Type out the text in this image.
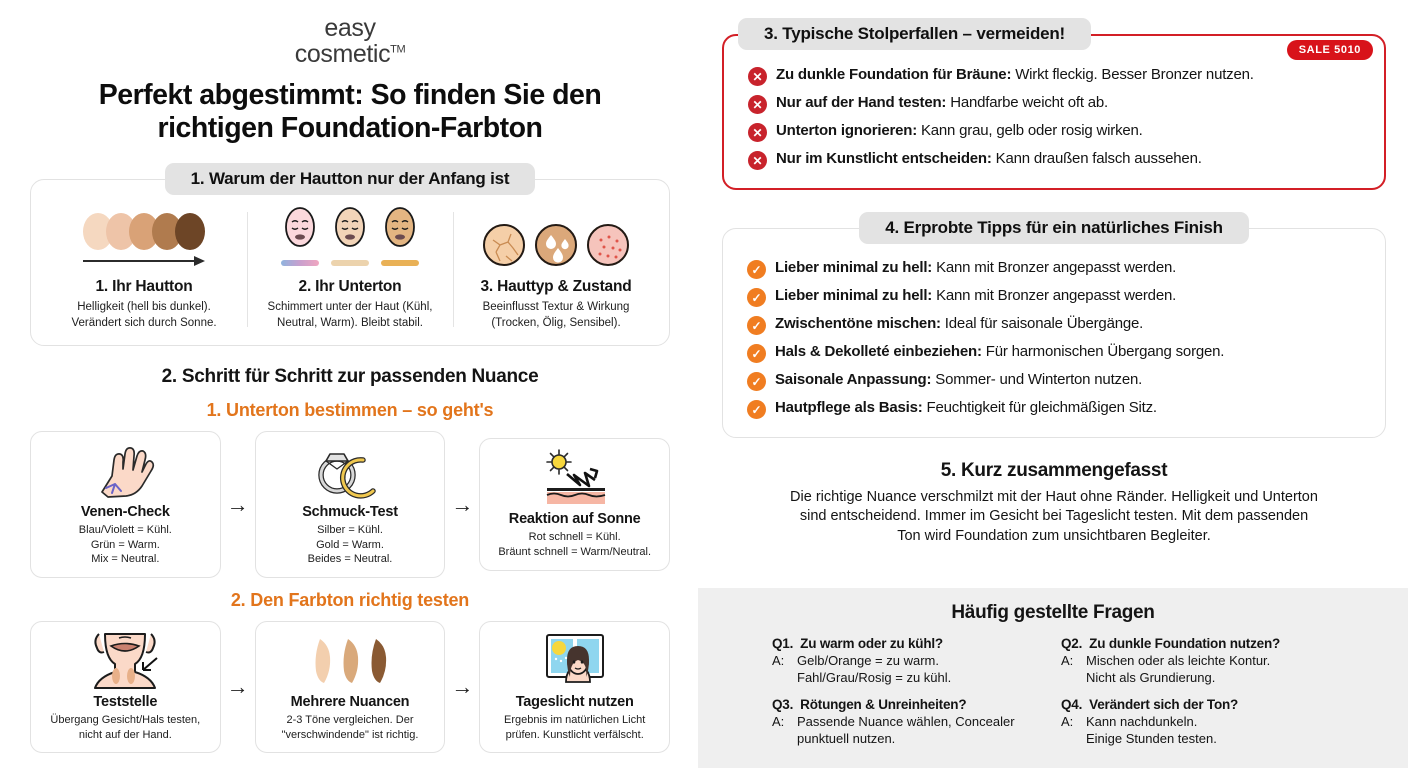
easy
cosmetic™
Perfekt abgestimmt: So finden Sie den
richtigen Foundation-Farbton
1. Warum der Hautton nur der Anfang ist
1. Ihr Hautton
Helligkeit (hell bis dunkel).
Verändert sich durch Sonne.
2. Ihr Unterton
Schimmert unter der Haut (Kühl,
Neutral, Warm). Bleibt stabil.
3. Hauttyp & Zustand
Beeinflusst Textur & Wirkung
(Trocken, Ölig, Sensibel).
2. Schritt für Schritt zur passenden Nuance
1. Unterton bestimmen – so geht's
Venen-Check
Blau/Violett = Kühl.
Grün = Warm.
Mix = Neutral.
→	Schmuck-Test
Silber = Kühl.
Gold = Warm.
Beides = Neutral.
→
Reaktion auf Sonne
Rot schnell = Kühl.
Bräunt schnell = Warm/Neutral.
2. Den Farbton richtig testen
Teststelle
Übergang Gesicht/Hals testen,
nicht auf der Hand.
→
Mehrere Nuancen
2-3 Töne vergleichen. Der
"verschwindende" ist richtig.
→
Tageslicht nutzen
Ergebnis im natürlichen Licht
prüfen. Kunstlicht verfälscht.
SALE 5010
3. Typische Stolperfallen – vermeiden!
✕ Zu dunkle Foundation für Bräune: Wirkt fleckig. Besser Bronzer nutzen.
✕ Nur auf der Hand testen: Handfarbe weicht oft ab.
✕ Unterton ignorieren: Kann grau, gelb oder rosig wirken.
✕ Nur im Kunstlicht entscheiden: Kann draußen falsch aussehen.
4. Erprobte Tipps für ein natürliches Finish
✓ Lieber minimal zu hell: Kann mit Bronzer angepasst werden.
✓ Lieber minimal zu hell: Kann mit Bronzer angepasst werden.
✓ Zwischentöne mischen: Ideal für saisonale Übergänge.
✓ Hals & Dekolleté einbeziehen: Für harmonischen Übergang sorgen.
✓ Saisonale Anpassung: Sommer- und Winterton nutzen.
✓ Hautpflege als Basis: Feuchtigkeit für gleichmäßigen Sitz.
5. Kurz zusammengefasst
Die richtige Nuance verschmilzt mit der Haut ohne Ränder. Helligkeit und Unterton
sind entscheidend. Immer im Gesicht bei Tageslicht testen. Mit dem passenden
Ton wird Foundation zum unsichtbaren Begleiter.
Häufig gestellte Fragen
Q1. Zu warm oder zu kühl?
A: Gelb/Orange = zu warm.
Fahl/Grau/Rosig = zu kühl.
Q2. Zu dunkle Foundation nutzen?
A: Mischen oder als leichte Kontur.
Nicht als Grundierung.
Q3. Rötungen & Unreinheiten?
A: Passende Nuance wählen, Concealer
punktuell nutzen.
Q4. Verändert sich der Ton?
A: Kann nachdunkeln.
Einige Stunden testen.
